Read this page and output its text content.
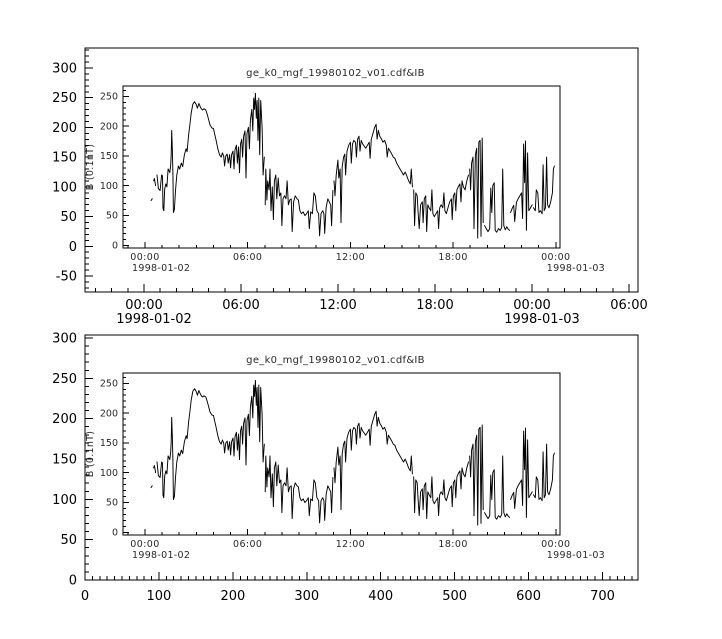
300
250
200
150
100
50
0
-50
00:00	06:00	12:00	18:00	00:00	06:00
1998-01-02	1998-01-03
0
50
100
150
200
250
00:00	06:00	12:00	18:00	00:00
1998-01-02	1998-01-03
ge_k0_mgf_19980102_v01.cdf&IB
B (0.1nT)
300
250
200
150
100
50
0
0	100	200	300	400	500	600	700
0
50
100
150
200
250
00:00	06:00	12:00	18:00	00:00
1998-01-02	1998-01-03
ge_k0_mgf_19980102_v01.cdf&IB
B (0.1nT)
